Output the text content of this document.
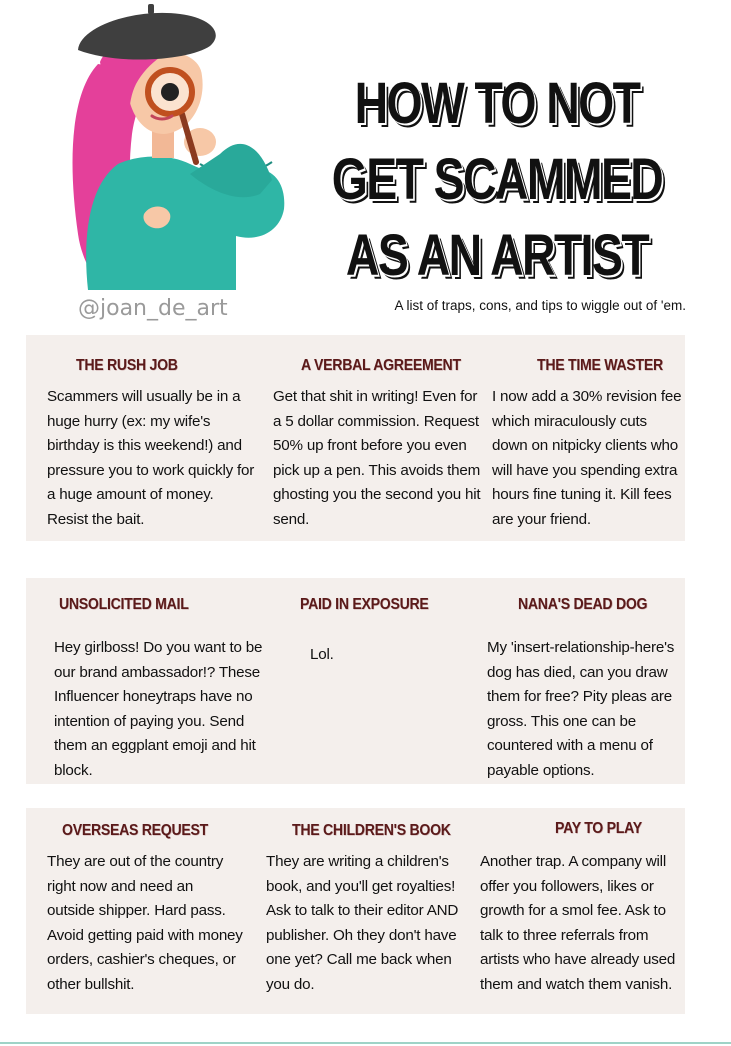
@joan_de_art
HOW TO NOT
GET SCAMMED
AS AN ARTIST
A list of traps, cons, and tips to wiggle out of 'em.
THE RUSH JOB
Scammers will usually be in a huge hurry (ex: my wife's birthday is this weekend!) and pressure you to work quickly for a huge amount of money. Resist the bait.
A VERBAL AGREEMENT
Get that shit in writing! Even for a 5 dollar commission. Request 50% up front before you even pick up a pen. This avoids them ghosting you the second you hit send.
THE TIME WASTER
I now add a 30% revision fee which miraculously cuts down on nitpicky clients who will have you spending extra hours fine tuning it. Kill fees are your friend.
UNSOLICITED MAIL
Hey girlboss! Do you want to be our brand ambassador!? These Influencer honeytraps have no intention of paying you. Send them an eggplant emoji and hit block.
PAID IN EXPOSURE
Lol.
NANA'S DEAD DOG
My 'insert-relationship-here's dog has died, can you draw them for free? Pity pleas are gross. This one can be countered with a menu of payable options.
OVERSEAS REQUEST
They are out of the country right now and need an outside shipper. Hard pass. Avoid getting paid with money orders, cashier's cheques, or other bullshit.
THE CHILDREN'S BOOK
They are writing a children's book, and you'll get royalties! Ask to talk to their editor AND publisher. Oh they don't have one yet? Call me back when you do.
PAY TO PLAY
Another trap. A company will offer you followers, likes or growth for a smol fee. Ask to talk to three referrals from artists who have already used them and watch them vanish.
